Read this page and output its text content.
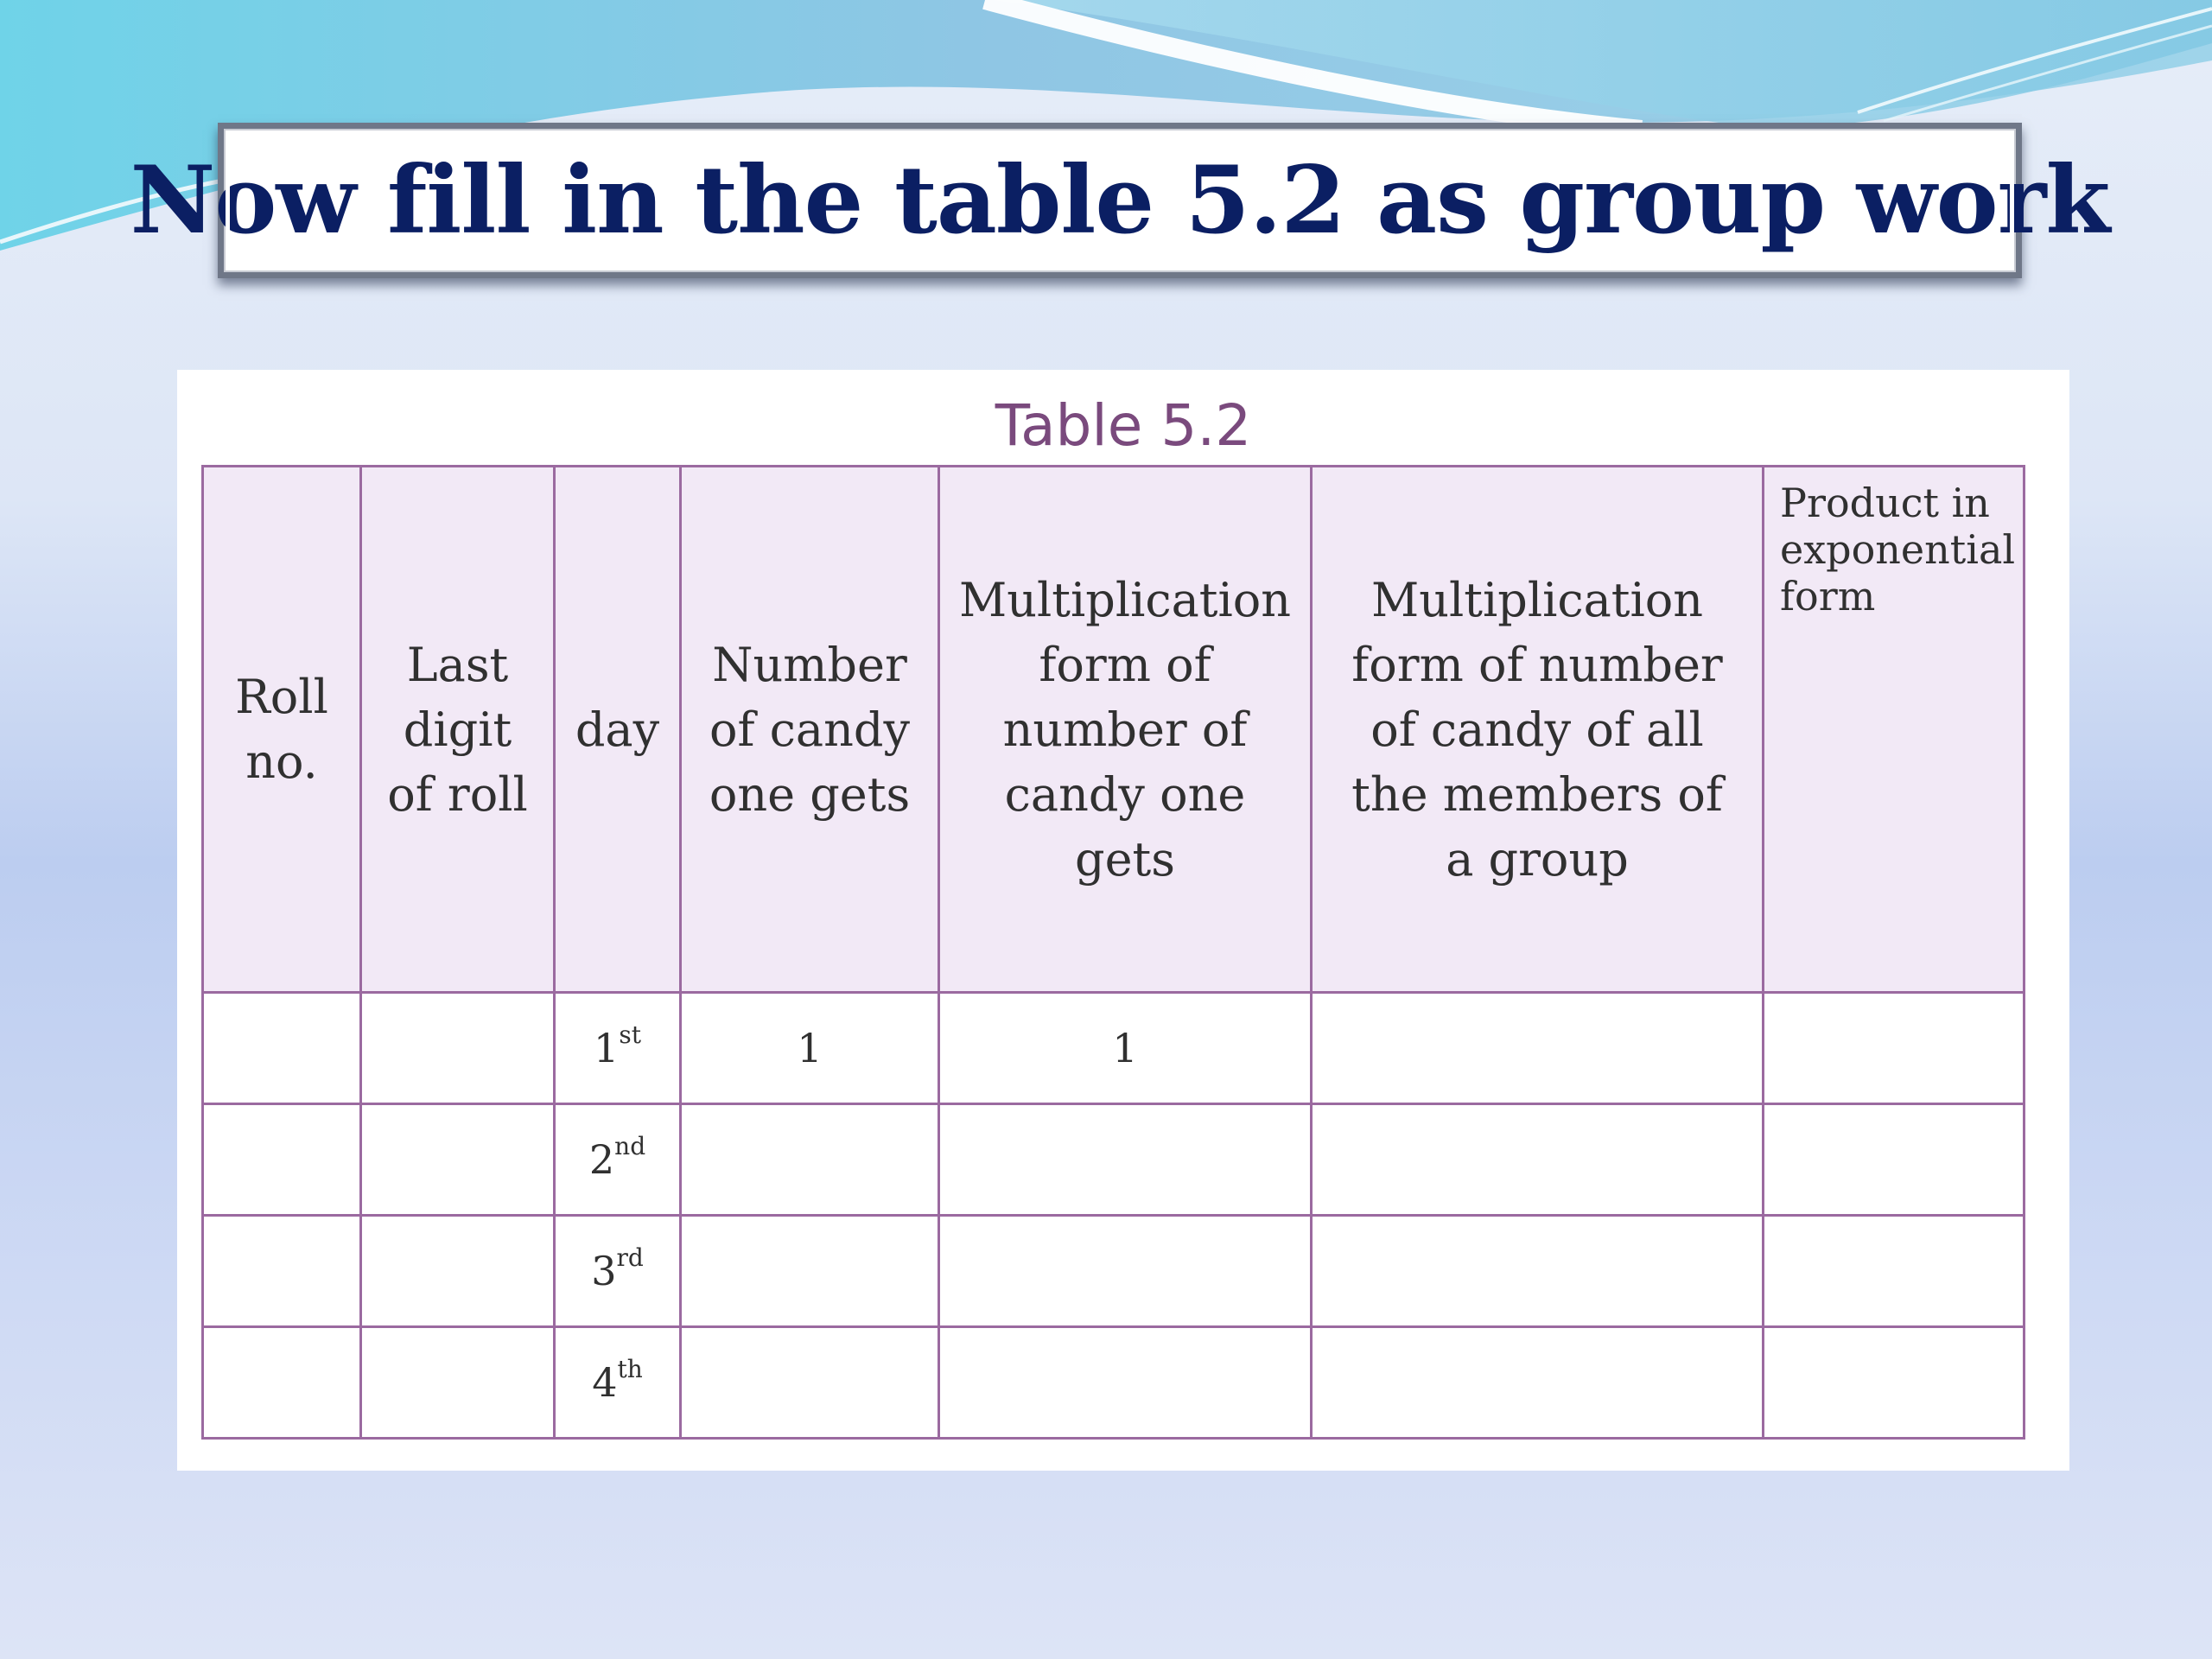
Now fill in the table 5.2 as group work
Table 5.2
Roll no.	Last digit of roll	day	Number of candy one gets	Multiplication form of number of candy one gets	Multiplication form of number of candy of all the members of a group	Product in exponential form
		1st	1	1		
		2nd				
		3rd				
		4th				
